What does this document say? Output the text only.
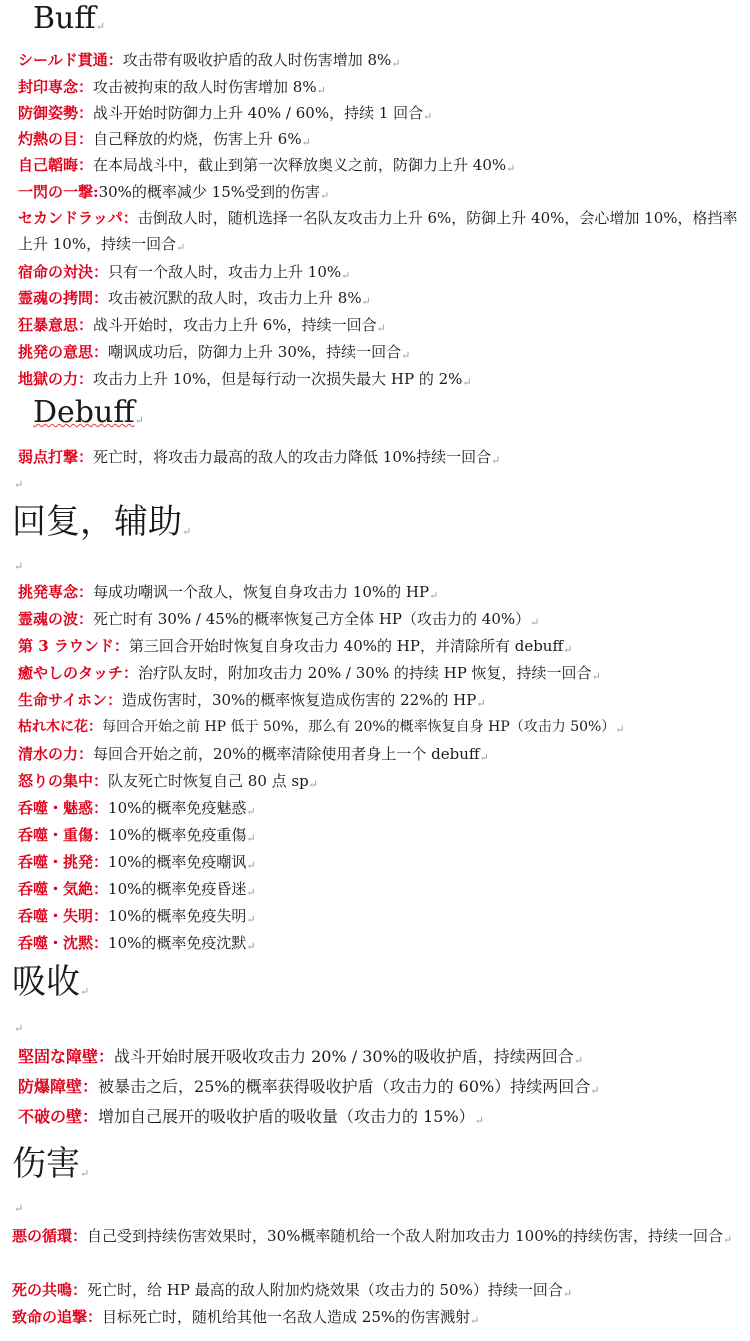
Buff↵
シールド貫通：攻击带有吸收护盾的敌人时伤害增加 8%↵
封印専念：攻击被拘束的敌人时伤害增加 8%↵
防御姿勢：战斗开始时防御力上升 40% / 60%，持续 1 回合↵
灼熱の目：自己释放的灼烧，伤害上升 6%↵
自己韜晦：在本局战斗中，截止到第一次释放奥义之前，防御力上升 40%↵
一閃の一撃:30%的概率减少 15%受到的伤害↵
セカンドラッパ：击倒敌人时，随机选择一名队友攻击力上升 6%，防御上升 40%，会心增加 10%，格挡率上升 10%，持续一回合↵
宿命の対決：只有一个敌人时，攻击力上升 10%↵
霊魂の拷問：攻击被沉默的敌人时，攻击力上升 8%↵
狂暴意思：战斗开始时，攻击力上升 6%，持续一回合↵
挑発の意思：嘲讽成功后，防御力上升 30%，持续一回合↵
地獄の力：攻击力上升 10%，但是每行动一次损失最大 HP 的 2%↵
Debuff↵
弱点打撃：死亡时，将攻击力最高的敌人的攻击力降低 10%持续一回合↵
↵
回复，辅助↵
↵
挑発専念：每成功嘲讽一个敌人，恢复自身攻击力 10%的 HP↵
霊魂の波：死亡时有 30% / 45%的概率恢复己方全体 HP（攻击力的 40%）↵
第 3 ラウンド：第三回合开始时恢复自身攻击力 40%的 HP，并清除所有 debuff↵
癒やしのタッチ：治疗队友时，附加攻击力 20% / 30% 的持续 HP 恢复，持续一回合↵
生命サイホン：造成伤害时，30%的概率恢复造成伤害的 22%的 HP↵
枯れ木に花：每回合开始之前 HP 低于 50%，那么有 20%的概率恢复自身 HP（攻击力 50%）↵
清水の力：每回合开始之前，20%的概率清除使用者身上一个 debuff↵
怒りの集中：队友死亡时恢复自己 80 点 sp↵
呑噬・魅惑：10%的概率免疫魅惑↵
呑噬・重傷：10%的概率免疫重傷↵
呑噬・挑発：10%的概率免疫嘲讽↵
呑噬・気絶：10%的概率免疫昏迷↵
呑噬・失明：10%的概率免疫失明↵
呑噬・沈黙：10%的概率免疫沈默↵
吸收↵
↵
堅固な障壁：战斗开始时展开吸收攻击力 20% / 30%的吸收护盾，持续两回合↵
防爆障壁：被暴击之后，25%的概率获得吸收护盾（攻击力的 60%）持续两回合↵
不破の壁：增加自己展开的吸收护盾的吸收量（攻击力的 15%）↵
伤害↵
↵
悪の循環：自己受到持续伤害效果时，30%概率随机给一个敌人附加攻击力 100%的持续伤害，持续一回合↵
死の共鳴：死亡时，给 HP 最高的敌人附加灼烧效果（攻击力的 50%）持续一回合↵
致命の追撃：目标死亡时，随机给其他一名敌人造成 25%的伤害溅射↵
